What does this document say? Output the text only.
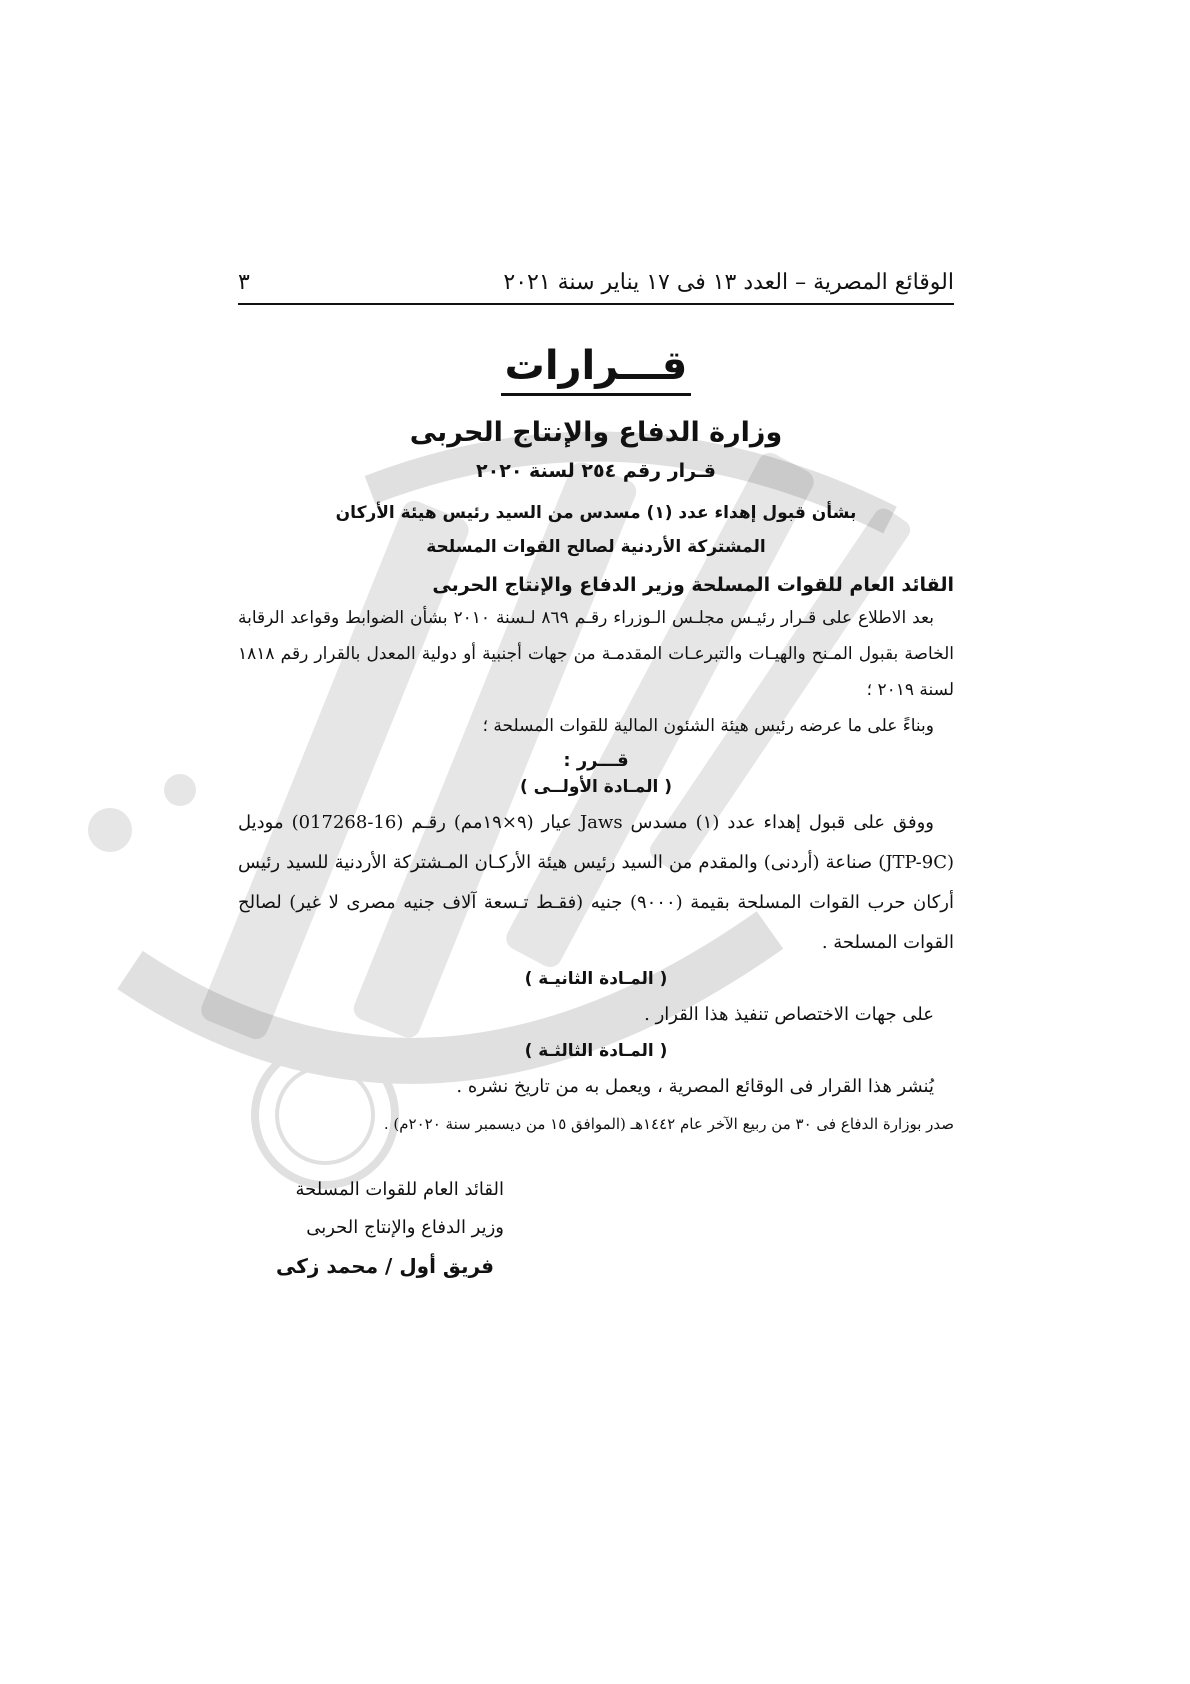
الوقائع المصرية – العدد ١٣ فى ١٧ يناير سنة ٢٠٢١
٣
قـــرارات
وزارة الدفاع والإنتاج الحربى
قـرار رقم ٢٥٤ لسنة ٢٠٢٠
بشأن قبول إهداء عدد (١) مسدس من السيد رئيس هيئة الأركان
المشتركة الأردنية لصالح القوات المسلحة
القائد العام للقوات المسلحة وزير الدفاع والإنتاج الحربى
بعد الاطلاع على قـرار رئيـس مجلـس الـوزراء رقـم ٨٦٩ لـسنة ٢٠١٠ بشأن الضوابط وقواعد الرقابة الخاصة بقبول المـنح والهيـات والتبرعـات المقدمـة من جهات أجنبية أو دولية المعدل بالقرار رقم ١٨١٨ لسنة ٢٠١٩ ؛
وبناءً على ما عرضه رئيس هيئة الشئون المالية للقوات المسلحة ؛
قـــرر :
( المـادة الأولــى )
ووفق على قبول إهداء عدد (١) مسدس Jaws عيار (٩×١٩مم) رقـم (16-017268) موديل (JTP-9C) صناعة (أردنى) والمقدم من السيد رئيس هيئة الأركـان المـشتركة الأردنية للسيد رئيس أركان حرب القوات المسلحة بقيمة (٩٠٠٠) جنيه (فقـط تـسعة آلاف جنيه مصرى لا غير) لصالح القوات المسلحة .
( المـادة الثانيـة )
على جهات الاختصاص تنفيذ هذا القرار .
( المـادة الثالثـة )
يُنشر هذا القرار فى الوقائع المصرية ، ويعمل به من تاريخ نشره .
صدر بوزارة الدفاع فى ٣٠ من ربيع الآخر عام ١٤٤٢هـ (الموافق ١٥ من ديسمبر سنة ٢٠٢٠م) .
القائد العام للقوات المسلحة
وزير الدفاع والإنتاج الحربى
فريق أول / محمد زكى
